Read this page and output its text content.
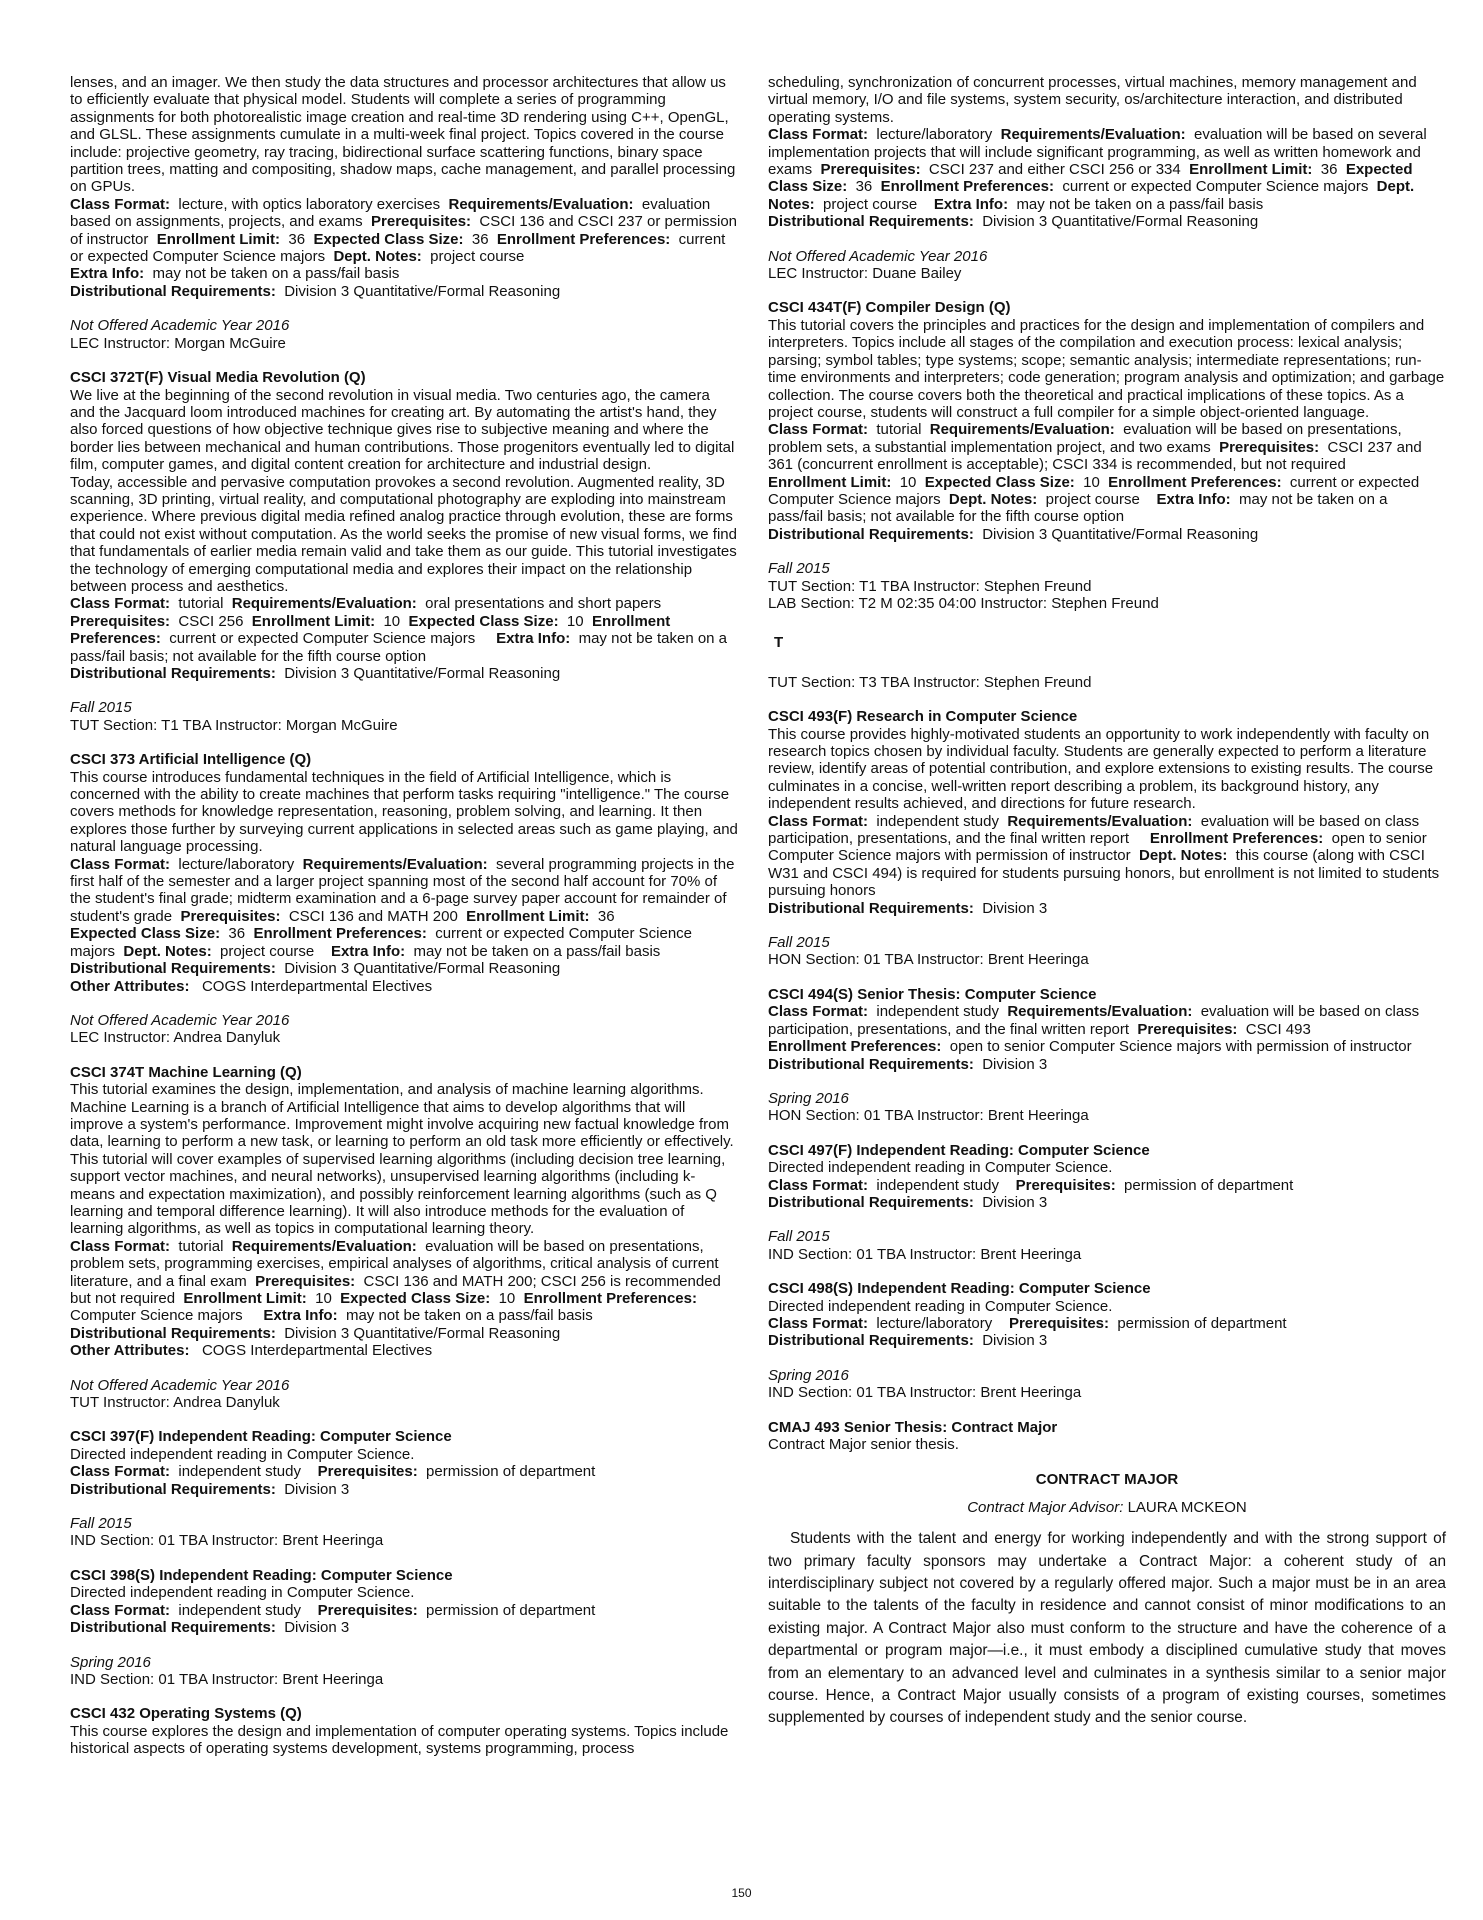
lenses, and an imager. We then study the data structures and processor architectures that allow us to efficiently evaluate that physical model. Students will complete a series of programming assignments for both photorealistic image creation and real-time 3D rendering using C++, OpenGL, and GLSL. These assignments cumulate in a multi-week final project. Topics covered in the course include: projective geometry, ray tracing, bidirectional surface scattering functions, binary space partition trees, matting and compositing, shadow maps, cache management, and parallel processing on GPUs.

Class Format: lecture, with optics laboratory exercises Requirements/Evaluation: evaluation based on assignments, projects, and exams Prerequisites: CSCI 136 and CSCI 237 or permission of instructor Enrollment Limit: 36 Expected Class Size: 36 Enrollment Preferences: current or expected Computer Science majors Dept. Notes: project course
Extra Info: may not be taken on a pass/fail basis
Distributional Requirements: Division 3 Quantitative/Formal Reasoning

Not Offered Academic Year 2016

LEC Instructor: Morgan McGuire

CSCI 372T(F) Visual Media Revolution (Q)

We live at the beginning of the second revolution in visual media. Two centuries ago, the camera and the Jacquard loom introduced machines for creating art. By automating the artist's hand, they also forced questions of how objective technique gives rise to subjective meaning and where the border lies between mechanical and human contributions. Those progenitors eventually led to digital film, computer games, and digital content creation for architecture and industrial design.

Today, accessible and pervasive computation provokes a second revolution. Augmented reality, 3D scanning, 3D printing, virtual reality, and computational photography are exploding into mainstream experience. Where previous digital media refined analog practice through evolution, these are forms that could not exist without computation. As the world seeks the promise of new visual forms, we find that fundamentals of earlier media remain valid and take them as our guide. This tutorial investigates the technology of emerging computational media and explores their impact on the relationship between process and aesthetics.

Class Format: tutorial Requirements/Evaluation: oral presentations and short papers
Prerequisites: CSCI 256 Enrollment Limit: 10 Expected Class Size: 10 Enrollment Preferences: current or expected Computer Science majors Extra Info: may not be taken on a pass/fail basis; not available for the fifth course option
Distributional Requirements: Division 3 Quantitative/Formal Reasoning

Fall 2015

TUT Section: T1 TBA Instructor: Morgan McGuire

CSCI 373 Artificial Intelligence (Q)

This course introduces fundamental techniques in the field of Artificial Intelligence, which is concerned with the ability to create machines that perform tasks requiring "intelligence." The course covers methods for knowledge representation, reasoning, problem solving, and learning. It then explores those further by surveying current applications in selected areas such as game playing, and natural language processing.

Class Format: lecture/laboratory Requirements/Evaluation: several programming projects in the first half of the semester and a larger project spanning most of the second half account for 70% of the student's final grade; midterm examination and a 6-page survey paper account for remainder of student's grade Prerequisites: CSCI 136 and MATH 200 Enrollment Limit: 36
Expected Class Size: 36 Enrollment Preferences: current or expected Computer Science majors Dept. Notes: project course Extra Info: may not be taken on a pass/fail basis
Distributional Requirements: Division 3 Quantitative/Formal Reasoning
Other Attributes: COGS Interdepartmental Electives

Not Offered Academic Year 2016

LEC Instructor: Andrea Danyluk

CSCI 374T Machine Learning (Q)

This tutorial examines the design, implementation, and analysis of machine learning algorithms. Machine Learning is a branch of Artificial Intelligence that aims to develop algorithms that will improve a system's performance. Improvement might involve acquiring new factual knowledge from data, learning to perform a new task, or learning to perform an old task more efficiently or effectively. This tutorial will cover examples of supervised learning algorithms (including decision tree learning, support vector machines, and neural networks), unsupervised learning algorithms (including k-means and expectation maximization), and possibly reinforcement learning algorithms (such as Q learning and temporal difference learning). It will also introduce methods for the evaluation of learning algorithms, as well as topics in computational learning theory.

Class Format: tutorial Requirements/Evaluation: evaluation will be based on presentations, problem sets, programming exercises, empirical analyses of algorithms, critical analysis of current literature, and a final exam Prerequisites: CSCI 136 and MATH 200; CSCI 256 is recommended but not required Enrollment Limit: 10 Expected Class Size: 10 Enrollment Preferences:  Computer Science majors Extra Info: may not be taken on a pass/fail basis
Distributional Requirements: Division 3 Quantitative/Formal Reasoning
Other Attributes: COGS Interdepartmental Electives

Not Offered Academic Year 2016

TUT Instructor: Andrea Danyluk

CSCI 397(F) Independent Reading: Computer Science

Directed independent reading in Computer Science.

Class Format: independent study Prerequisites: permission of department
Distributional Requirements: Division 3

Fall 2015

IND Section: 01 TBA Instructor: Brent Heeringa

CSCI 398(S) Independent Reading: Computer Science

Directed independent reading in Computer Science.

Class Format: independent study Prerequisites: permission of department
Distributional Requirements: Division 3

Spring 2016

IND Section: 01 TBA Instructor: Brent Heeringa

CSCI 432 Operating Systems (Q)

This course explores the design and implementation of computer operating systems. Topics include historical aspects of operating systems development, systems programming, process

scheduling, synchronization of concurrent processes, virtual machines, memory management and virtual memory, I/O and file systems, system security, os/architecture interaction, and distributed operating systems.

Class Format: lecture/laboratory Requirements/Evaluation: evaluation will be based on several implementation projects that will include significant programming, as well as written homework and exams Prerequisites: CSCI 237 and either CSCI 256 or 334 Enrollment Limit: 36 Expected Class Size: 36 Enrollment Preferences: current or expected Computer Science majors Dept. Notes: project course Extra Info: may not be taken on a pass/fail basis
Distributional Requirements: Division 3 Quantitative/Formal Reasoning

Not Offered Academic Year 2016

LEC Instructor: Duane Bailey

CSCI 434T(F) Compiler Design (Q)

This tutorial covers the principles and practices for the design and implementation of compilers and interpreters. Topics include all stages of the compilation and execution process: lexical analysis; parsing; symbol tables; type systems; scope; semantic analysis; intermediate representations; run-time environments and interpreters; code generation; program analysis and optimization; and garbage collection. The course covers both the theoretical and practical implications of these topics. As a project course, students will construct a full compiler for a simple object-oriented language.

Class Format: tutorial Requirements/Evaluation: evaluation will be based on presentations, problem sets, a substantial implementation project, and two exams Prerequisites: CSCI 237 and 361 (concurrent enrollment is acceptable); CSCI 334 is recommended, but not required
Enrollment Limit: 10 Expected Class Size: 10 Enrollment Preferences: current or expected Computer Science majors Dept. Notes: project course Extra Info: may not be taken on a pass/fail basis; not available for the fifth course option
Distributional Requirements: Division 3 Quantitative/Formal Reasoning

Fall 2015

TUT Section: T1 TBA Instructor: Stephen Freund

LAB Section: T2 M 02:35 04:00 Instructor: Stephen Freund

T

TUT Section: T3 TBA Instructor: Stephen Freund

CSCI 493(F) Research in Computer Science

This course provides highly-motivated students an opportunity to work independently with faculty on research topics chosen by individual faculty. Students are generally expected to perform a literature review, identify areas of potential contribution, and explore extensions to existing results. The course culminates in a concise, well-written report describing a problem, its background history, any independent results achieved, and directions for future research.

Class Format: independent study Requirements/Evaluation: evaluation will be based on class participation, presentations, and the final written report Enrollment Preferences: open to senior Computer Science majors with permission of instructor Dept. Notes: this course (along with CSCI W31 and CSCI 494) is required for students pursuing honors, but enrollment is not limited to students pursuing honors
Distributional Requirements: Division 3

Fall 2015

HON Section: 01 TBA Instructor: Brent Heeringa

CSCI 494(S) Senior Thesis: Computer Science

Class Format: independent study Requirements/Evaluation: evaluation will be based on class participation, presentations, and the final written report Prerequisites: CSCI 493
Enrollment Preferences: open to senior Computer Science majors with permission of instructor
Distributional Requirements: Division 3

Spring 2016

HON Section: 01 TBA Instructor: Brent Heeringa

CSCI 497(F) Independent Reading: Computer Science

Directed independent reading in Computer Science.

Class Format: independent study Prerequisites: permission of department
Distributional Requirements: Division 3

Fall 2015

IND Section: 01 TBA Instructor: Brent Heeringa

CSCI 498(S) Independent Reading: Computer Science

Directed independent reading in Computer Science.

Class Format: lecture/laboratory Prerequisites: permission of department
Distributional Requirements: Division 3

Spring 2016

IND Section: 01 TBA Instructor: Brent Heeringa

CMAJ 493 Senior Thesis: Contract Major

Contract Major senior thesis.

CONTRACT MAJOR

Contract Major Advisor: LAURA MCKEON

Students with the talent and energy for working independently and with the strong support of two primary faculty sponsors may undertake a Contract Major: a coherent study of an interdisciplinary subject not covered by a regularly offered major. Such a major must be in an area suitable to the talents of the faculty in residence and cannot consist of minor modifications to an existing major. A Contract Major also must conform to the structure and have the coherence of a departmental or program major—i.e., it must embody a disciplined cumulative study that moves from an elementary to an advanced level and culminates in a synthesis similar to a senior major course. Hence, a Contract Major usually consists of a program of existing courses, sometimes supplemented by courses of independent study and the senior course.

150
